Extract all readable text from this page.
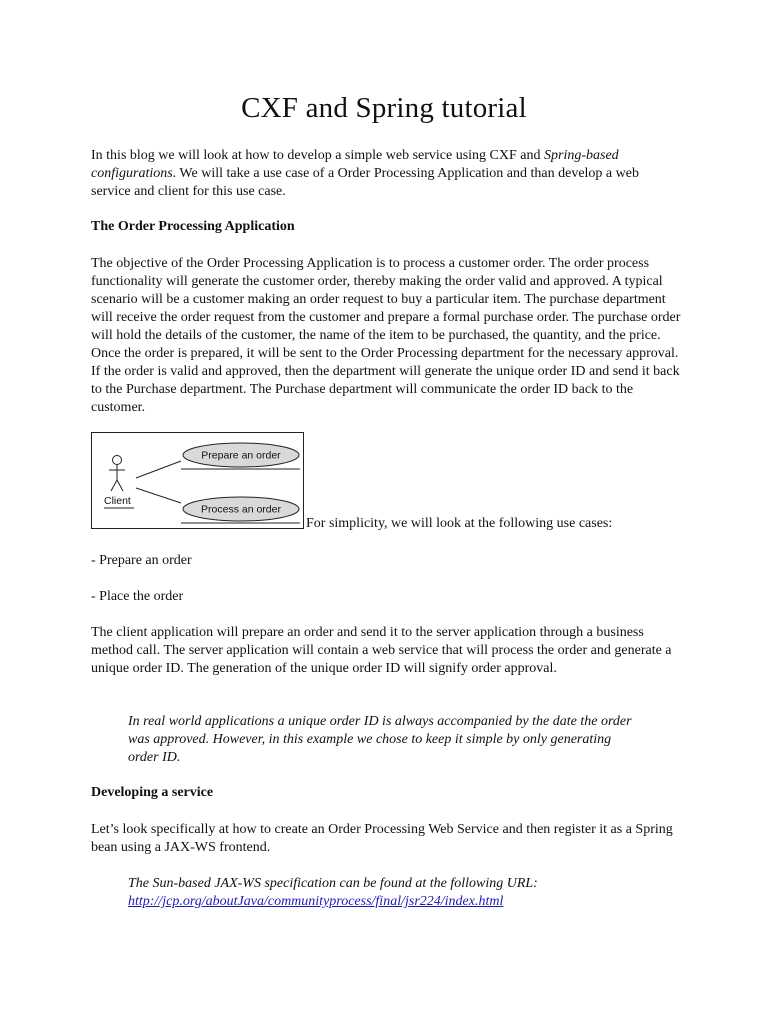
CXF and Spring tutorial

In this blog we will look at how to develop a simple web service using CXF and Spring-based configurations. We will take a use case of a Order Processing Application and than develop a web service and client for this use case.

The Order Processing Application

The objective of the Order Processing Application is to process a customer order. The order process functionality will generate the customer order, thereby making the order valid and approved. A typical scenario will be a customer making an order request to buy a particular item. The purchase department will receive the order request from the customer and prepare a formal purchase order. The purchase order will hold the details of the customer, the name of the item to be purchased, the quantity, and the price. Once the order is prepared, it will be sent to the Order Processing department for the necessary approval. If the order is valid and approved, then the department will generate the unique order ID and send it back to the Purchase department. The Purchase department will communicate the order ID back to the customer.

Client
Prepare an order
Process an order
For simplicity, we will look at the following use cases:

- Prepare an order

- Place the order

The client application will prepare an order and send it to the server application through a business method call. The server application will contain a web service that will process the order and generate a unique order ID. The generation of the unique order ID will signify order approval.

In real world applications a unique order ID is always accompanied by the date the order was approved. However, in this example we chose to keep it simple by only generating order ID.

Developing a service

Let’s look specifically at how to create an Order Processing Web Service and then register it as a Spring bean using a JAX-WS frontend.

The Sun-based JAX-WS specification can be found at the following URL:
http://jcp.org/aboutJava/communityprocess/final/jsr224/index.html
